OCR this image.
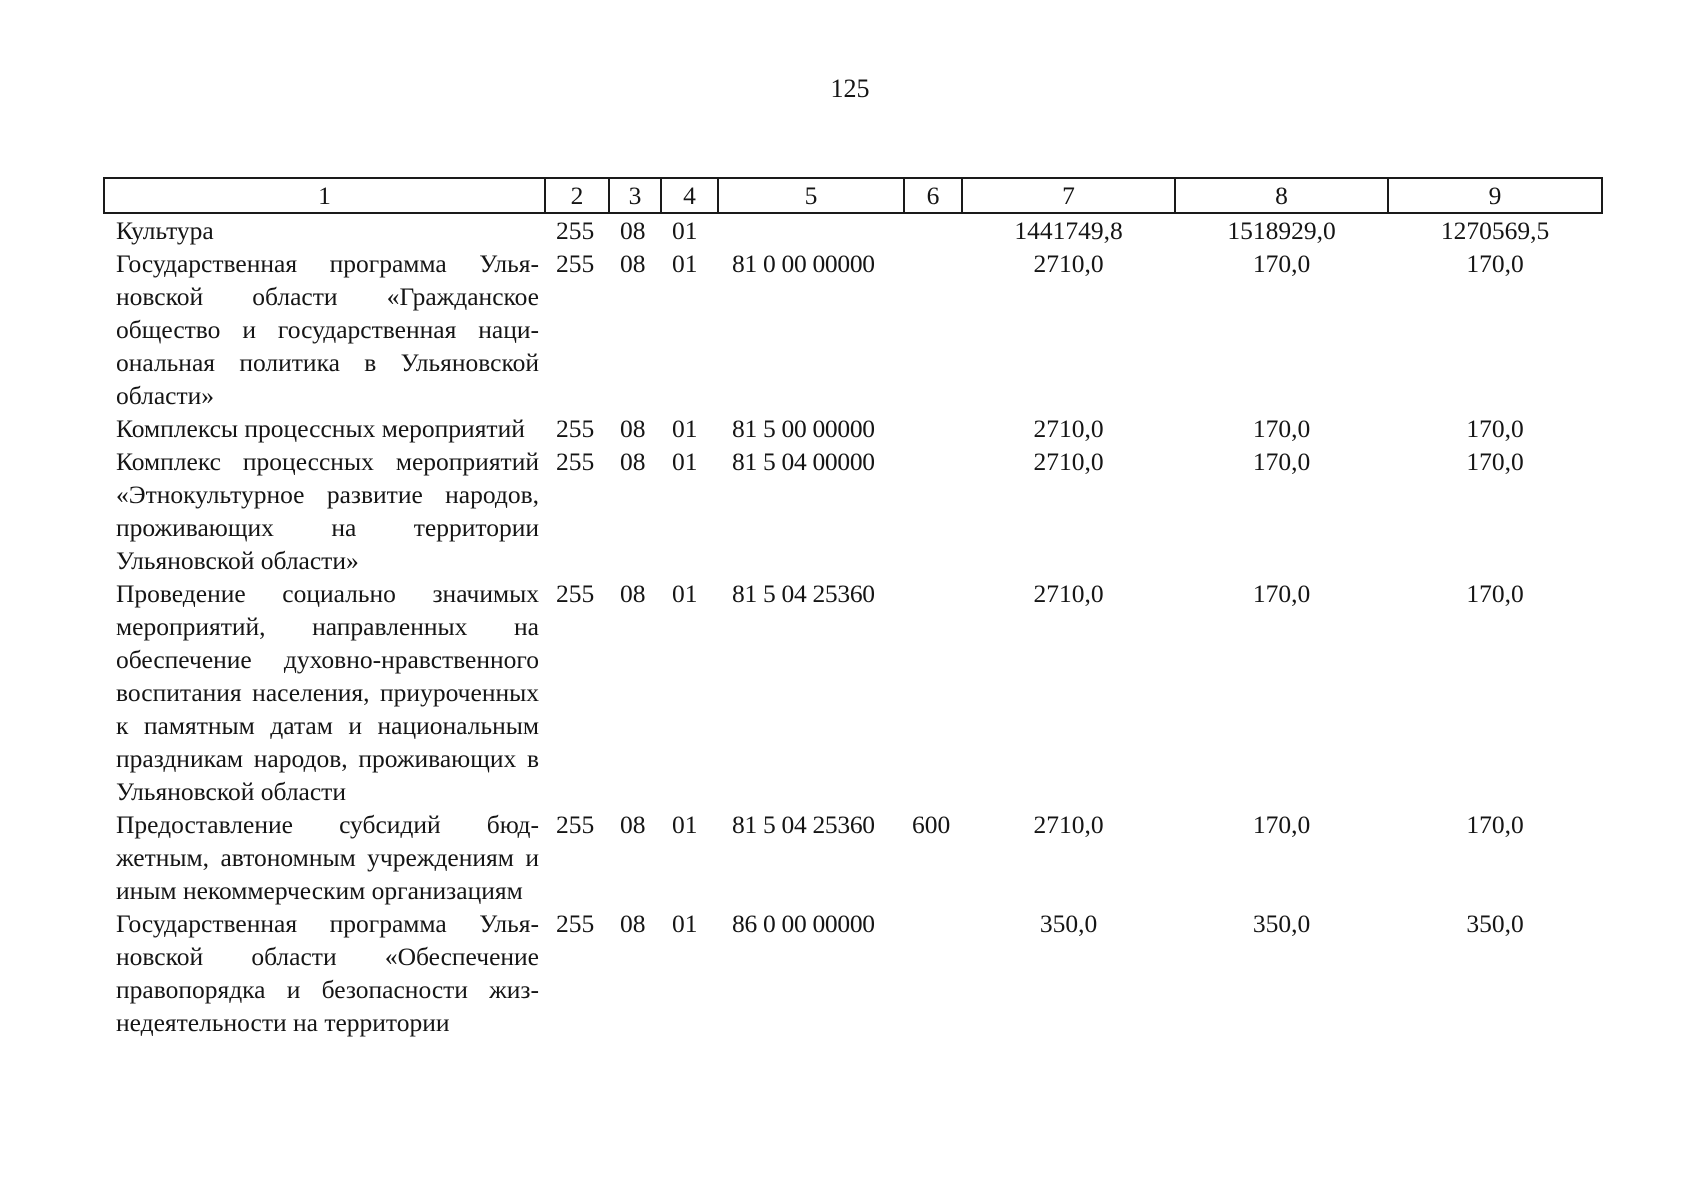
125
1	2	3	4	5	6	7	8	9
Культура	255	08	01			1441749,8	1518929,0	1270569,5
Государственная программа Ульяновской области «Гражданское общество и государственная национальная политика в Ульяновской области»	255	08	01	81 0 00 00000		2710,0	170,0	170,0
Комплексы процессных мероприятий	255	08	01	81 5 00 00000		2710,0	170,0	170,0
Комплекс процессных мероприятий «Этнокультурное развитие народов, проживающих на территории Ульяновской области»	255	08	01	81 5 04 00000		2710,0	170,0	170,0
Проведение социально значимых мероприятий, направленных на обеспечение духовно-нравственного воспитания населения, приуроченных к памятным датам и национальным праздникам народов, проживающих в Ульяновской области	255	08	01	81 5 04 25360		2710,0	170,0	170,0
Предоставление субсидий бюджетным, автономным учреждениям и иным некоммерческим организациям	255	08	01	81 5 04 25360	600	2710,0	170,0	170,0
Государственная программа Ульяновской области «Обеспечение правопорядка и безопасности жизнедеятельности на территории	255	08	01	86 0 00 00000		350,0	350,0	350,0
